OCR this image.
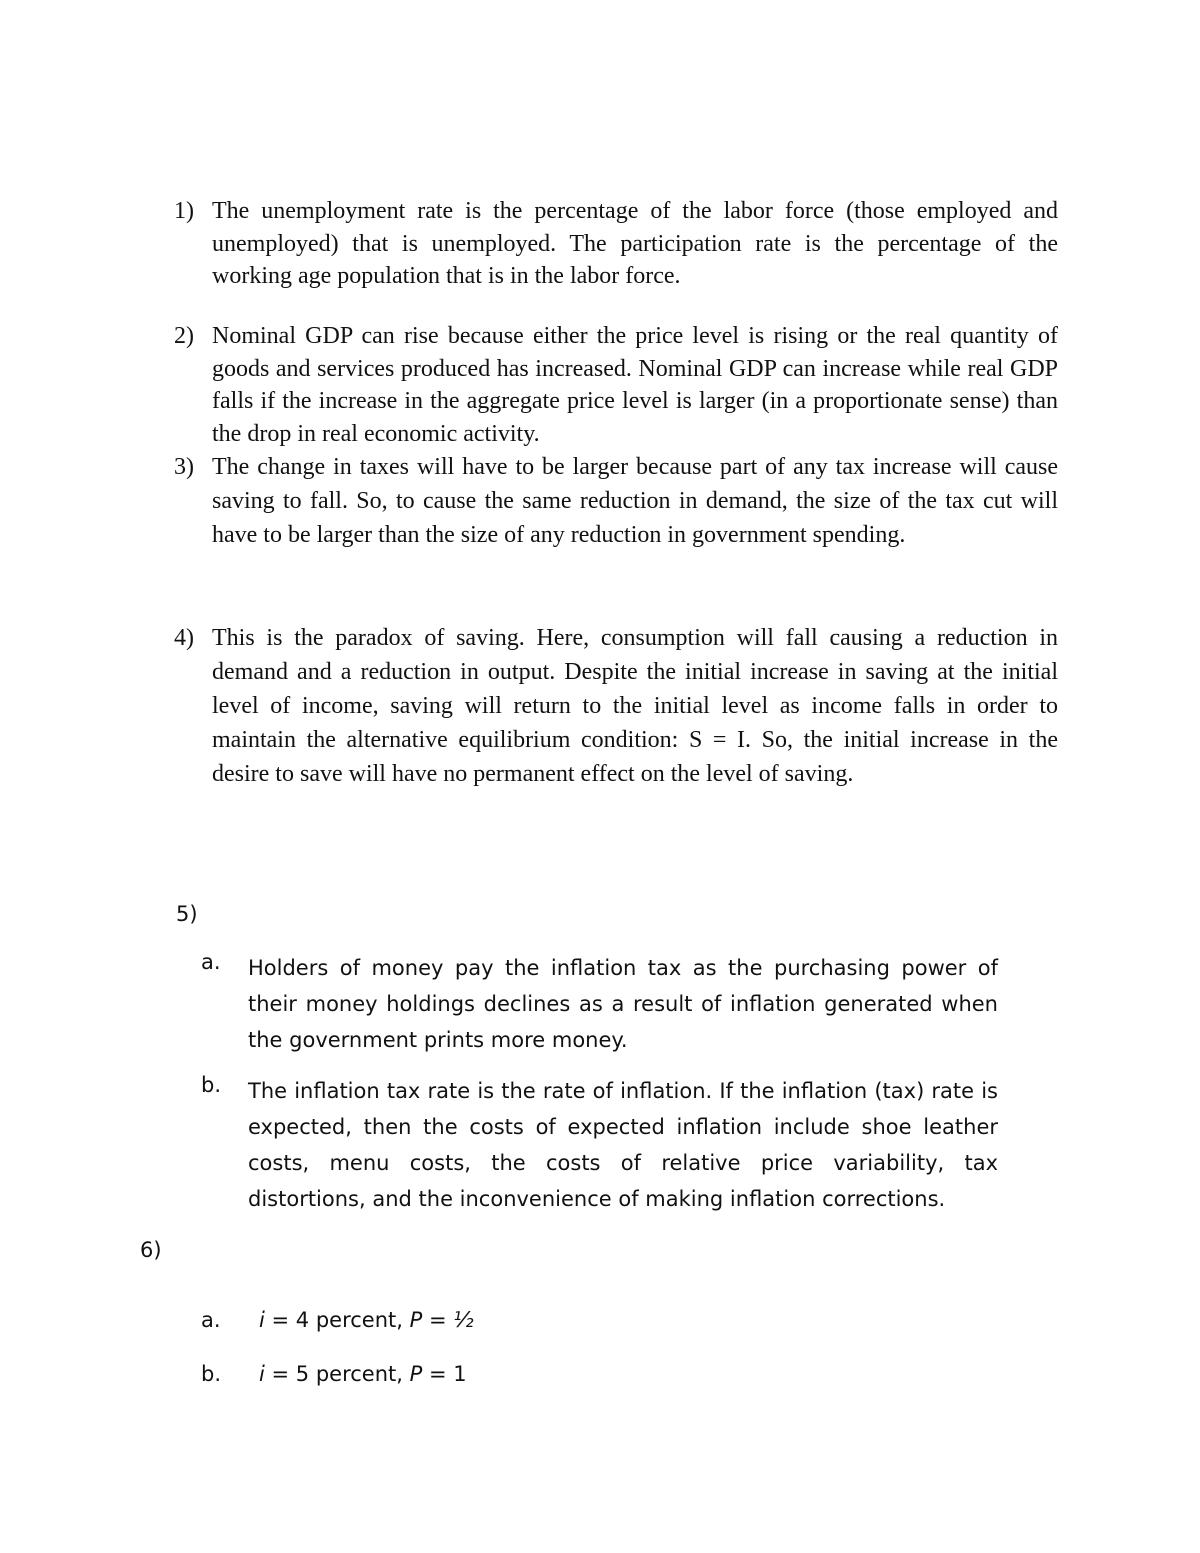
1) The unemployment rate is the percentage of the labor force (those employed and unemployed) that is unemployed. The participation rate is the percentage of the working age population that is in the labor force.
2) Nominal GDP can rise because either the price level is rising or the real quantity of goods and services produced has increased. Nominal GDP can increase while real GDP falls if the increase in the aggregate price level is larger (in a proportionate sense) than the drop in real economic activity.
3) The change in taxes will have to be larger because part of any tax increase will cause saving to fall. So, to cause the same reduction in demand, the size of the tax cut will have to be larger than the size of any reduction in government spending.
4) This is the paradox of saving. Here, consumption will fall causing a reduction in demand and a reduction in output. Despite the initial increase in saving at the initial level of income, saving will return to the initial level as income falls in order to maintain the alternative equilibrium condition: S = I. So, the initial increase in the desire to save will have no permanent effect on the level of saving.
5)
a. Holders of money pay the inflation tax as the purchasing power of their money holdings declines as a result of inflation generated when the government prints more money.
b. The inflation tax rate is the rate of inflation. If the inflation (tax) rate is expected, then the costs of expected inflation include shoe leather costs, menu costs, the costs of relative price variability, tax distortions, and the inconvenience of making inflation corrections.
6)
a. i = 4 percent, P = ½
b. i = 5 percent, P = 1
